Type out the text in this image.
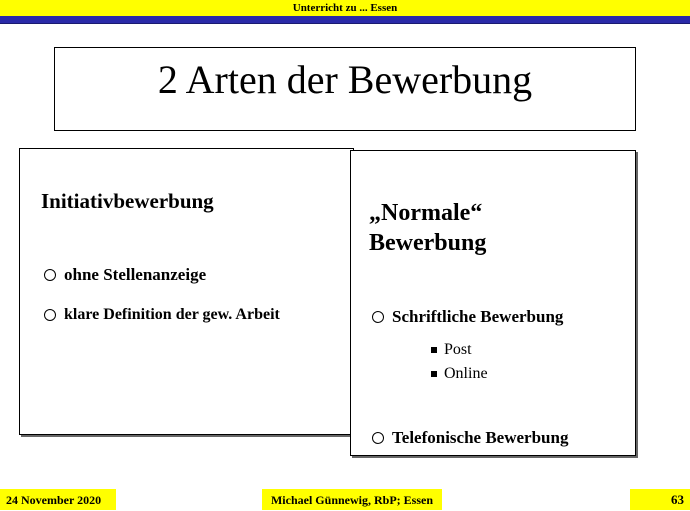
Unterricht zu ... Essen
2 Arten der Bewerbung
Initiativbewerbung
ohne Stellenanzeige
klare Definition der gew. Arbeit
„Normale“
Bewerbung
Schriftliche Bewerbung
Post
Online
Telefonische Bewerbung
24 November 2020	Michael Günnewig, RbP; Essen	63
